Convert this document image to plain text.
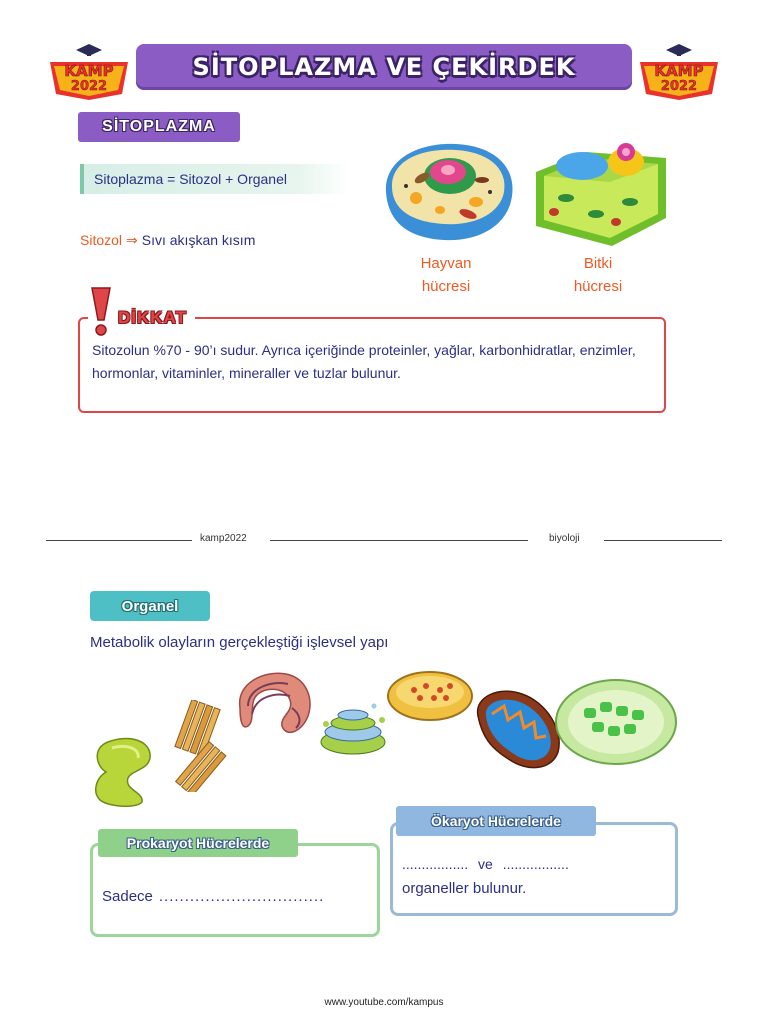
KAMP
2022
KAMP
2022
SİTOPLAZMA VE ÇEKİRDEK
SİTOPLAZMA
Sitoplazma = Sitozol + Organel
Sitozol ⇒ Sıvı akışkan kısım
Hayvan
hücresi
Bitki
hücresi

Sitozolun %70 - 90’ı sudur. Ayrıca içeriğinde proteinler, yağlar, karbonhidratlar, enzimler, hormonlar, vitaminler, mineraller ve tuzlar bulunur.

DİKKAT
kamp2022	biyoloji
Organel
Metabolik olayların gerçekleştiği işlevsel yapı
Prokaryot Hücrelerde
Sadece ................................
Ökaryot Hücrelerde
................. ve .................
organeller bulunur.
www.youtube.com/kampus
